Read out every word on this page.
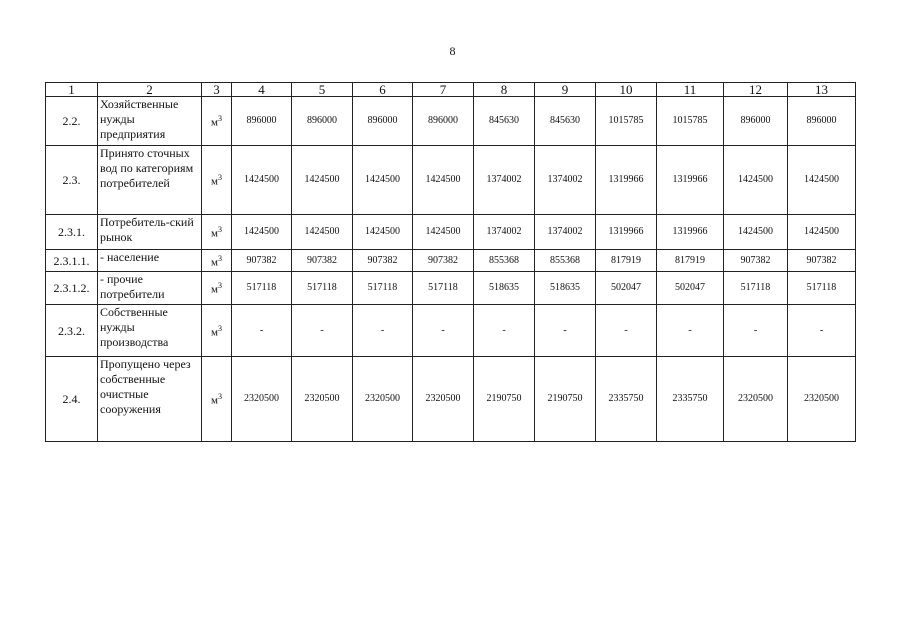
8
1	2	3	4	5	6	7	8	9	10	11	12	13
2.2.	Хозяйственные нужды предприятия	$м^3$	896000	896000	896000	896000	845630	845630	1015785	1015785	896000	896000
2.3.	Принято сточных вод по категориям потребителей	$м^3$	1424500	1424500	1424500	1424500	1374002	1374002	1319966	1319966	1424500	1424500
2.3.1.	Потребитель-ский рынок	$м^3$	1424500	1424500	1424500	1424500	1374002	1374002	1319966	1319966	1424500	1424500
2.3.1.1.	- население	$м^3$	907382	907382	907382	907382	855368	855368	817919	817919	907382	907382
2.3.1.2.	- прочие потребители	$м^3$	517118	517118	517118	517118	518635	518635	502047	502047	517118	517118
2.3.2.	Собственные нужды производства	$м^3$	-	-	-	-	-	-	-	-	-	-
2.4.	Пропущено через собственные очистные сооружения	$м^3$	2320500	2320500	2320500	2320500	2190750	2190750	2335750	2335750	2320500	2320500
